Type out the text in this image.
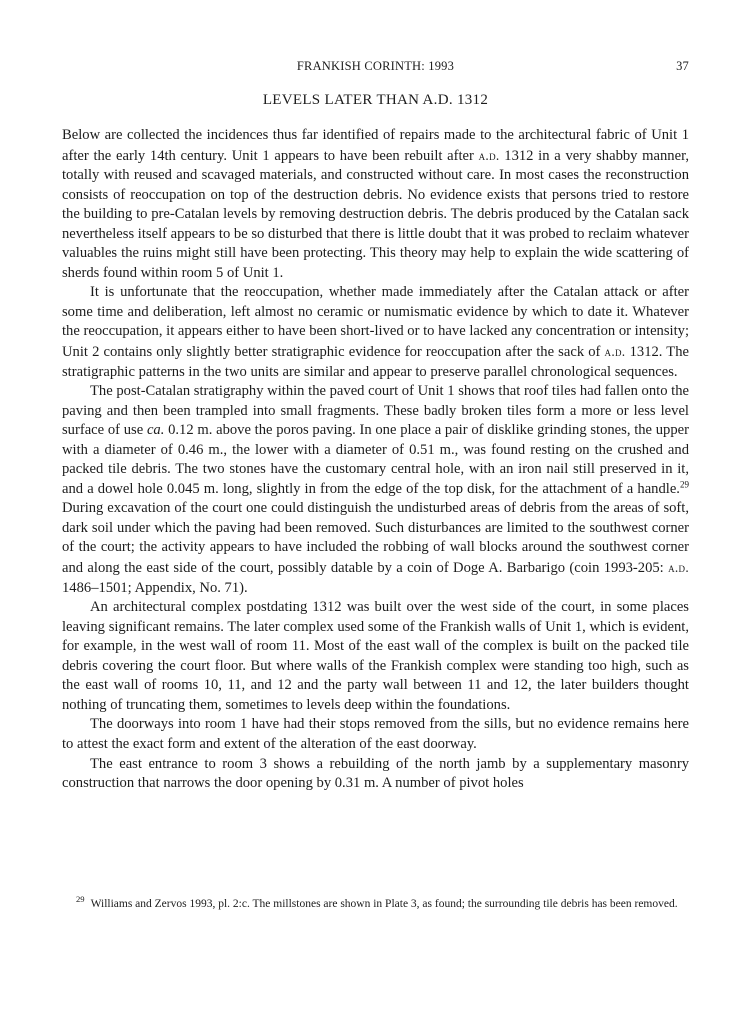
FRANKISH CORINTH: 1993	37
LEVELS LATER THAN A.D. 1312

Below are collected the incidences thus far identified of repairs made to the architectural fabric of Unit 1 after the early 14th century. Unit 1 appears to have been rebuilt after a.d. 1312 in a very shabby manner, totally with reused and scavaged materials, and constructed without care. In most cases the reconstruction consists of reoccupation on top of the destruction debris. No evidence exists that persons tried to restore the building to pre-Catalan levels by removing destruction debris. The debris produced by the Catalan sack nevertheless itself appears to be so disturbed that there is little doubt that it was probed to reclaim whatever valuables the ruins might still have been protecting. This theory may help to explain the wide scattering of sherds found within room 5 of Unit 1.

It is unfortunate that the reoccupation, whether made immediately after the Catalan attack or after some time and deliberation, left almost no ceramic or numismatic evidence by which to date it. Whatever the reoccupation, it appears either to have been short-lived or to have lacked any concentration or intensity; Unit 2 contains only slightly better stratigraphic evidence for reoccupation after the sack of a.d. 1312. The stratigraphic patterns in the two units are similar and appear to preserve parallel chronological sequences.

The post-Catalan stratigraphy within the paved court of Unit 1 shows that roof tiles had fallen onto the paving and then been trampled into small fragments. These badly broken tiles form a more or less level surface of use ca. 0.12 m. above the poros paving. In one place a pair of disklike grinding stones, the upper with a diameter of 0.46 m., the lower with a diameter of 0.51 m., was found resting on the crushed and packed tile debris. The two stones have the customary central hole, with an iron nail still preserved in it, and a dowel hole 0.045 m. long, slightly in from the edge of the top disk, for the attachment of a handle.$^{29}$ During excavation of the court one could distinguish the undisturbed areas of debris from the areas of soft, dark soil under which the paving had been removed. Such disturbances are limited to the southwest corner of the court; the activity appears to have included the robbing of wall blocks around the southwest corner and along the east side of the court, possibly datable by a coin of Doge A. Barbarigo (coin 1993-205: a.d. 1486–1501; Appendix, No. 71).

An architectural complex postdating 1312 was built over the west side of the court, in some places leaving significant remains. The later complex used some of the Frankish walls of Unit 1, which is evident, for example, in the west wall of room 11. Most of the east wall of the complex is built on the packed tile debris covering the court floor. But where walls of the Frankish complex were standing too high, such as the east wall of rooms 10, 11, and 12 and the party wall between 11 and 12, the later builders thought nothing of truncating them, sometimes to levels deep within the foundations.

The doorways into room 1 have had their stops removed from the sills, but no evidence remains here to attest the exact form and extent of the alteration of the east doorway.

The east entrance to room 3 shows a rebuilding of the north jamb by a supplementary masonry construction that narrows the door opening by 0.31 m. A number of pivot holes

$^{29}$ Williams and Zervos 1993, pl. 2:c. The millstones are shown in Plate 3, as found; the surrounding tile debris has been removed.
